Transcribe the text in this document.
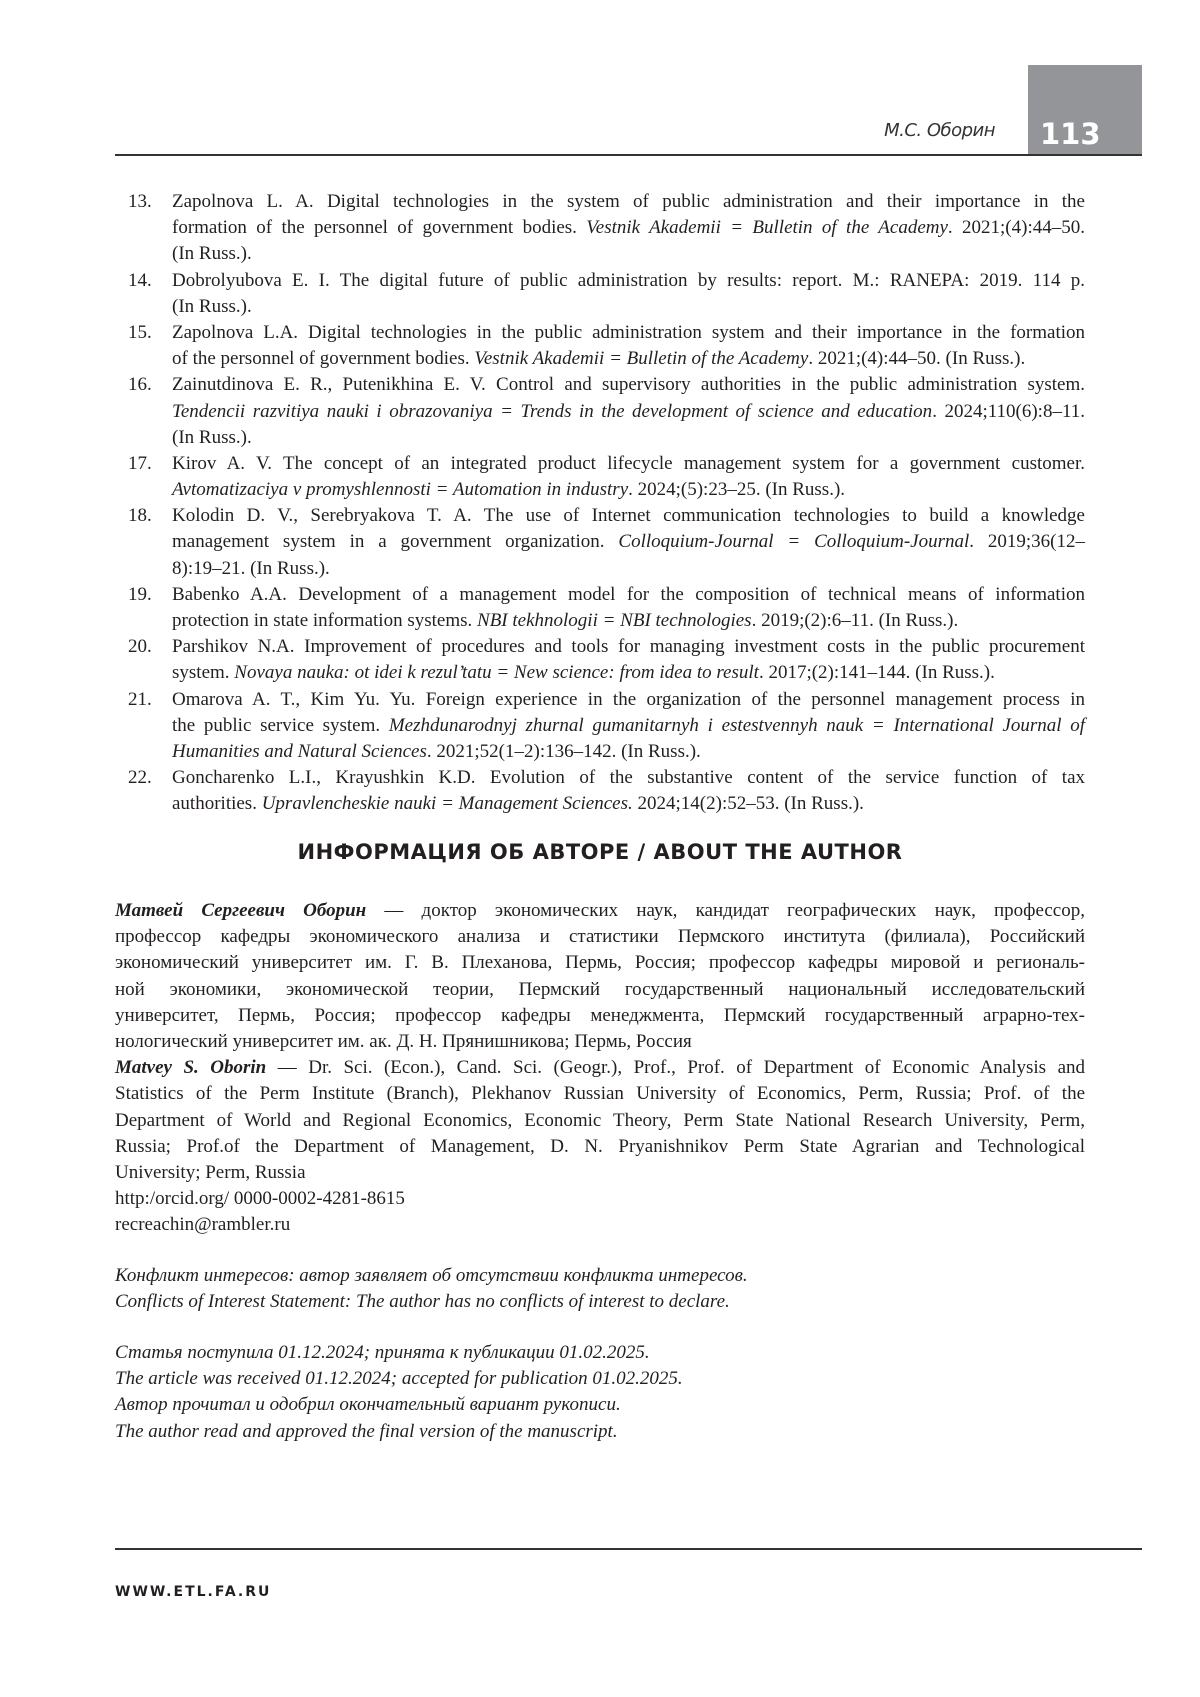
М.С. Оборин 113
13. Zapolnova L. A. Digital technologies in the system of public administration and their importance in the
formation of the personnel of government bodies. Vestnik Akademii = Bulletin of the Academy. 2021;(4):44–50.
(In Russ.).
14. Dobrolyubova E. I. The digital future of public administration by results: report. M.: RANEPA: 2019. 114 p.
(In Russ.).
15. Zapolnova L.A. Digital technologies in the public administration system and their importance in the formation
of the personnel of government bodies. Vestnik Akademii = Bulletin of the Academy. 2021;(4):44–50. (In Russ.).
16. Zainutdinova E. R., Putenikhina E. V. Control and supervisory authorities in the public administration system.
Tendencii razvitiya nauki i obrazovaniya = Trends in the development of science and education. 2024;110(6):8–11.
(In Russ.).
17. Kirov A. V. The concept of an integrated product lifecycle management system for a government customer.
Avtomatizaciya v promyshlennosti = Automation in industry. 2024;(5):23–25. (In Russ.).
18. Kolodin D. V., Serebryakova T. A. The use of Internet communication technologies to build a knowledge
management system in a government organization. Colloquium-Journal = Colloquium-Journal. 2019;36(12–
8):19–21. (In Russ.).
19. Babenko A.A. Development of a management model for the composition of technical means of information
protection in state information systems. NBI tekhnologii = NBI technologies. 2019;(2):6–11. (In Russ.).
20. Parshikov N.A. Improvement of procedures and tools for managing investment costs in the public procurement
system. Novaya nauka: ot idei k rezul’tatu = New science: from idea to result. 2017;(2):141–144. (In Russ.).
21. Omarova A. T., Kim Yu. Yu. Foreign experience in the organization of the personnel management process in
the public service system. Mezhdunarodnyj zhurnal gumanitarnyh i estestvennyh nauk = International Journal of
Humanities and Natural Sciences. 2021;52(1–2):136–142. (In Russ.).
22. Goncharenko L.I., Krayushkin K.D. Evolution of the substantive content of the service function of tax
authorities. Upravlencheskie nauki = Management Sciences. 2024;14(2):52–53. (In Russ.).
ИНФОРМАЦИЯ ОБ АВТОРЕ / ABOUT THE AUTHOR
Матвей Сергеевич Оборин — доктор экономических наук, кандидат географических наук, профессор,
профессор кафедры экономического анализа и статистики Пермского института (филиала), Российский
экономический университет им. Г. В. Плеханова, Пермь, Россия; профессор кафедры мировой и региональ-
ной экономики, экономической теории, Пермский государственный национальный исследовательский
университет, Пермь, Россия; профессор кафедры менеджмента, Пермский государственный аграрно-тех-
нологический университет им. ак. Д. Н. Прянишникова; Пермь, Россия
Matvey S. Oborin — Dr. Sci. (Econ.), Cand. Sci. (Geogr.), Prof., Prof. of Department of Economic Analysis and
Statistics of the Perm Institute (Branch), Plekhanov Russian University of Economics, Perm, Russia; Prof. of the
Department of World and Regional Economics, Economic Theory, Perm State National Research University, Perm,
Russia; Prof.of the Department of Management, D. N. Pryanishnikov Perm State Agrarian and Technological
University; Perm, Russia
http:/orcid.org/ 0000-0002-4281-8615
recreachin@rambler.ru
Конфликт интересов: автор заявляет об отсутствии конфликта интересов.
Conflicts of Interest Statement: The author has no conflicts of interest to declare.
Статья поступила 01.12.2024; принята к публикации 01.02.2025.
The article was received 01.12.2024; accepted for publication 01.02.2025.
Автор прочитал и одобрил окончательный вариант рукописи.
The author read and approved the final version of the manuscript.
WWW.ETL.FA.RU
